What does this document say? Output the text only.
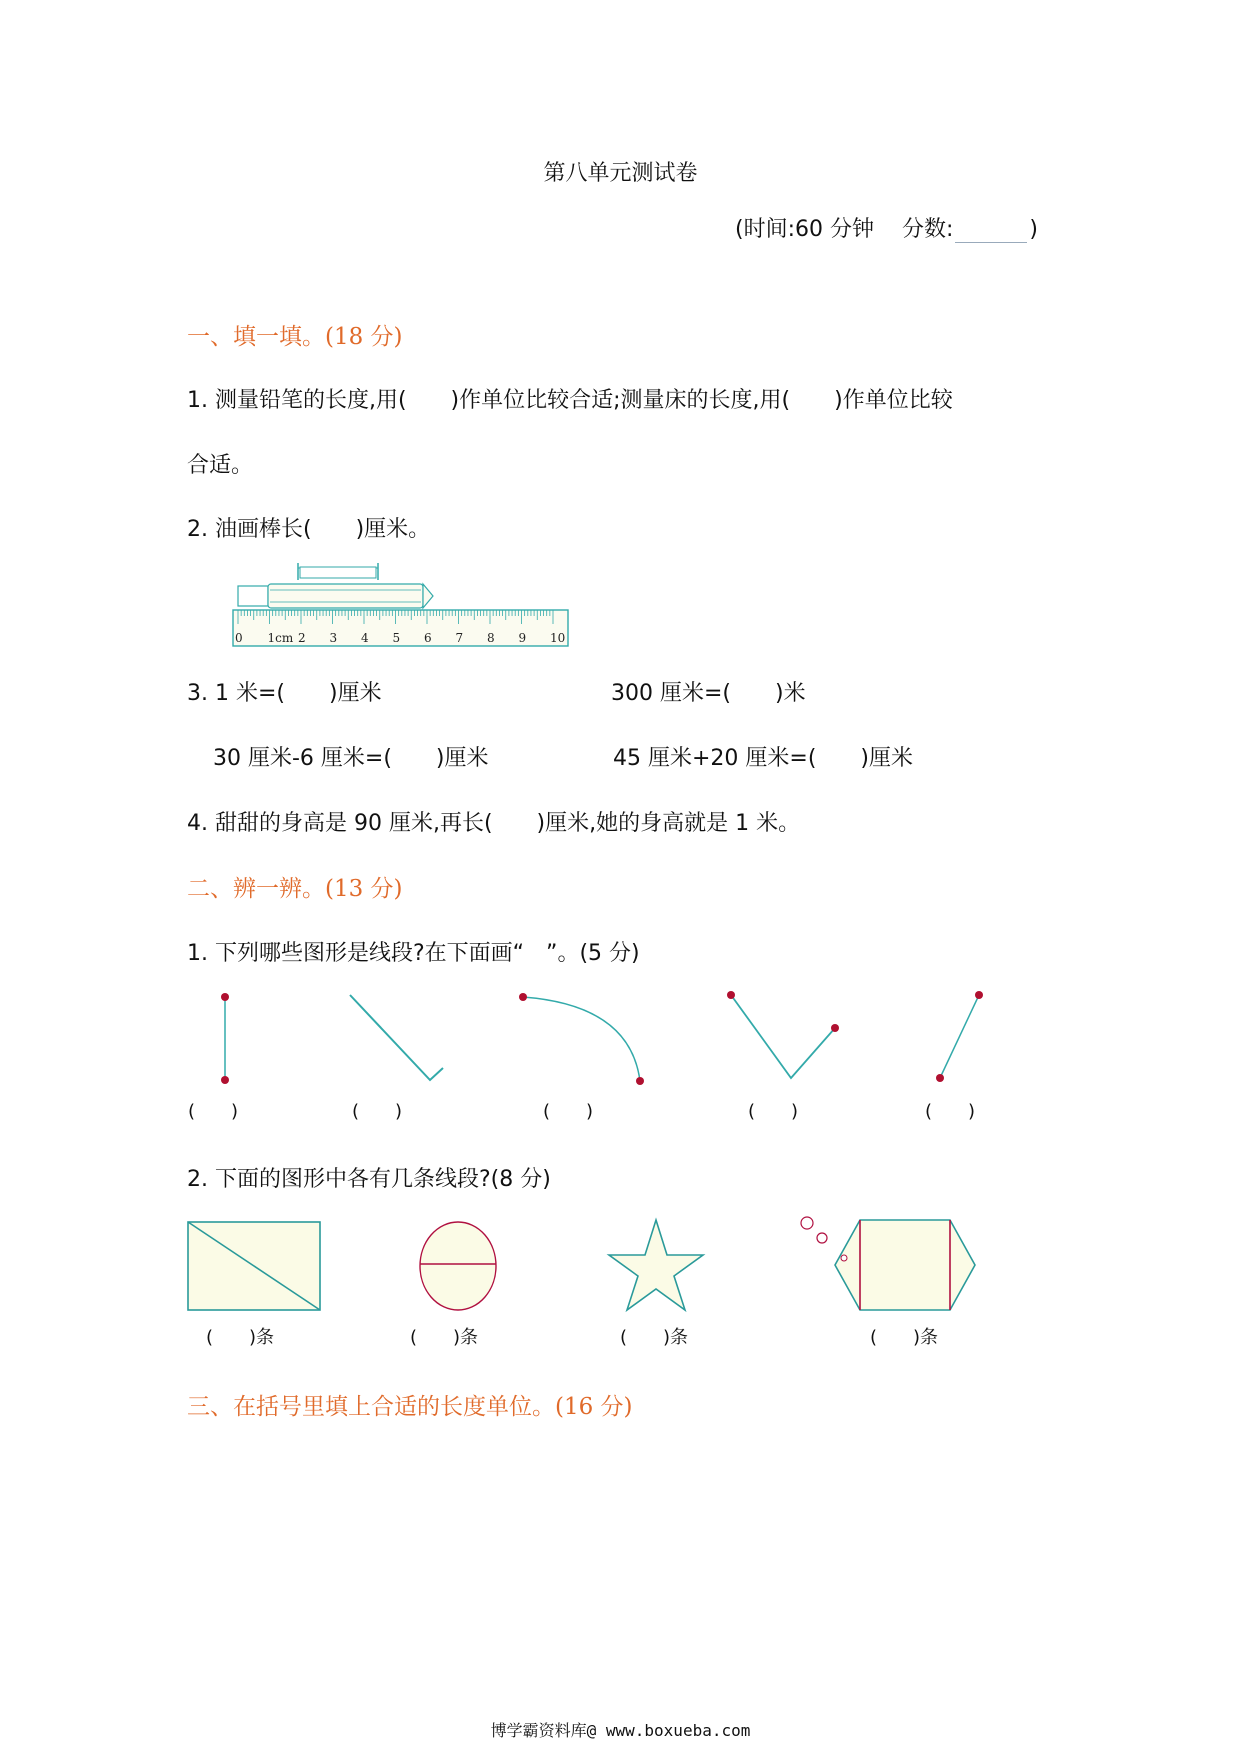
第八单元测试卷
(时间:60 分钟 分数:	)
一、填一填。(18 分)
1. 测量铅笔的长度,用(　　)作单位比较合适;测量床的长度,用(　　)作单位比较
合适。
2. 油画棒长(　　)厘米。
0 1cm 2 3 4 5 6 7 8 9 10
3. 1 米=(　　)厘米	300 厘米=(　　)米
30 厘米-6 厘米=(　　)厘米	45 厘米+20 厘米=(　　)厘米
4. 甜甜的身高是 90 厘米,再长(　　)厘米,她的身高就是 1 米。
二、辨一辨。(13 分)
1. 下列哪些图形是线段?在下面画“　”。(5 分)
(　　)	(　　)	(　　)	(　　)	(　　)
2. 下面的图形中各有几条线段?(8 分)
(　　)条	(　　)条	(　　)条	(　　)条
三、在括号里填上合适的长度单位。(16 分)
博学霸资料库@ www.boxueba.com
